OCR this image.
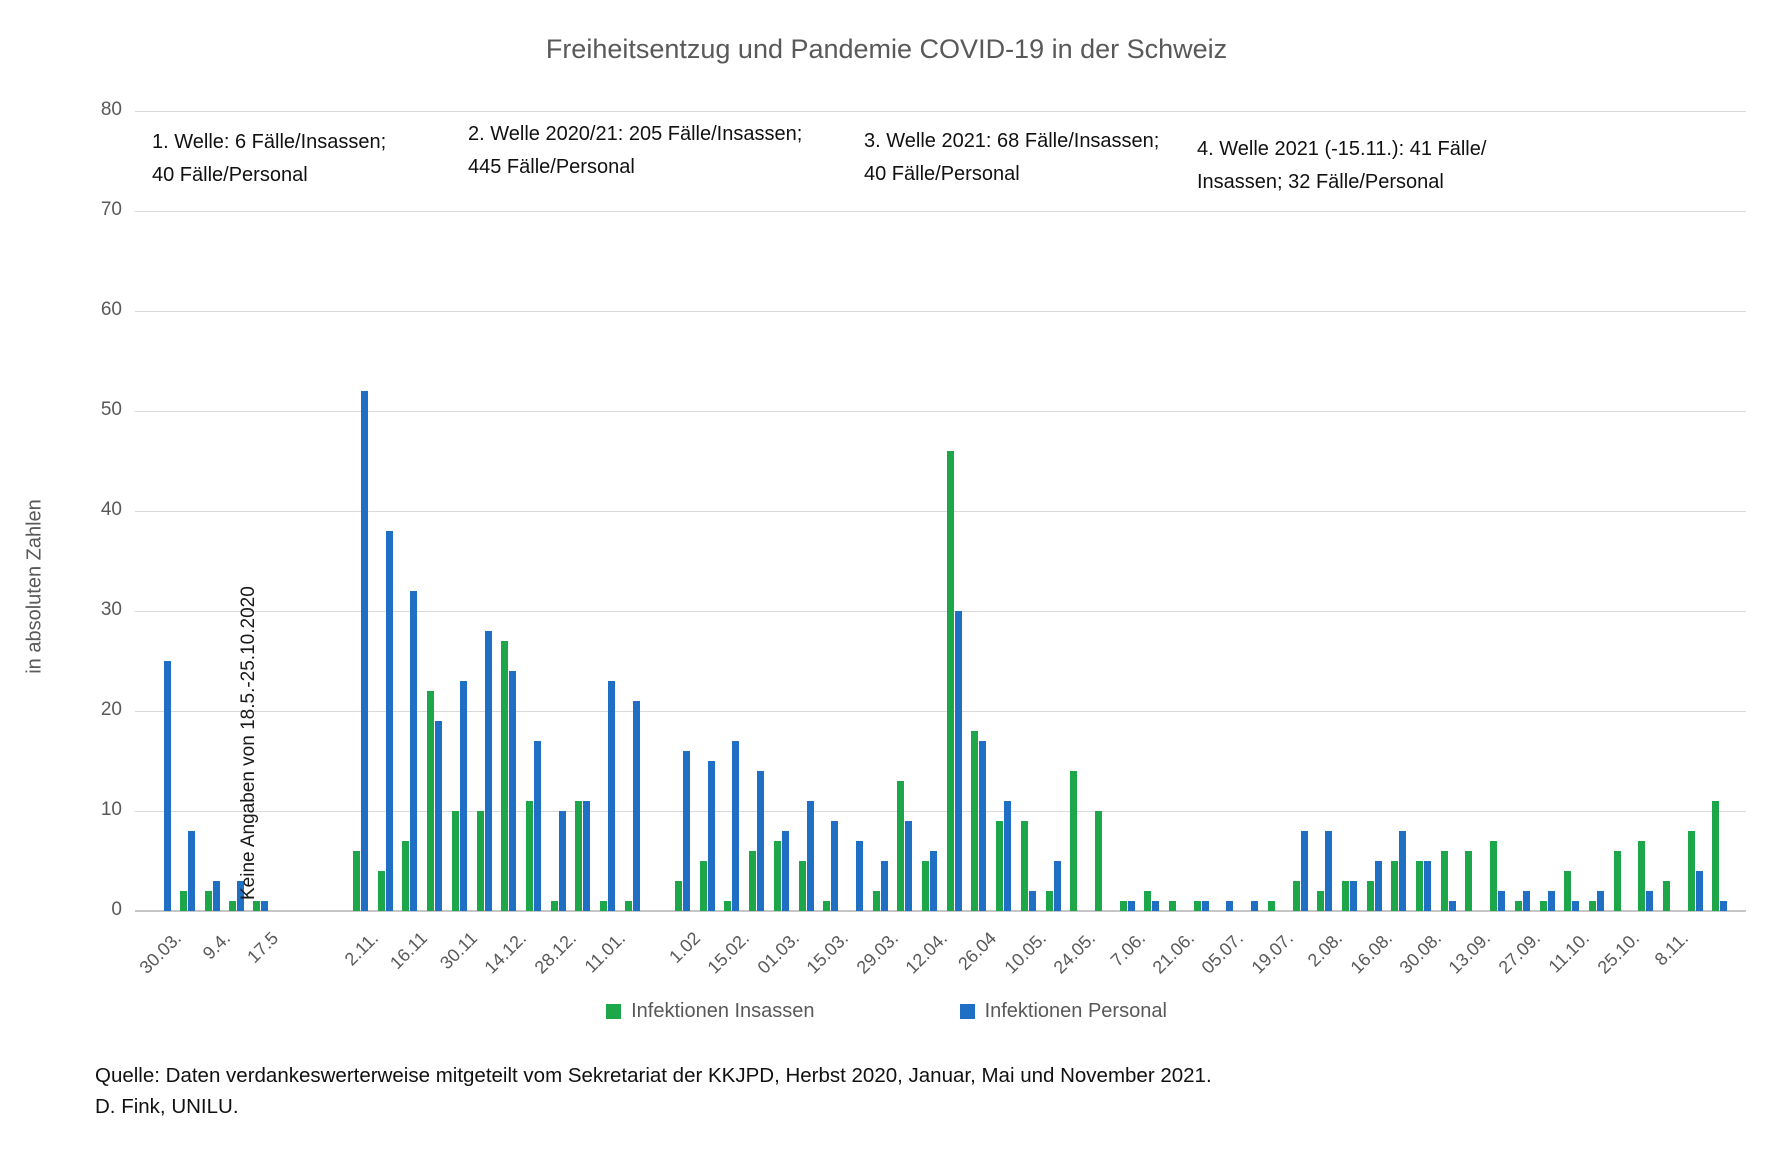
Freiheitsentzug und Pandemie COVID-19 in der Schweiz
in absoluten Zahlen
1. Welle: 6 Fälle/Insassen;
40 Fälle/Personal
2. Welle 2020/21: 205 Fälle/Insassen;
445 Fälle/Personal
3. Welle 2021: 68 Fälle/Insassen;
40 Fälle/Personal
4. Welle 2021 (-15.11.): 41 Fälle/
Insassen; 32 Fälle/Personal
0
10
20
30
40
50
60
70
80
30.03. 9.4. 17.5	2.11. 16.11 30.11 14.12. 28.12. 11.01. 1.02 15.02. 01.03. 15.03. 29.03. 12.04. 26.04 10.05. 24.05. 7.06. 21.06. 05.07. 19.07. 2.08. 16.08. 30.08. 13.09. 27.09. 11.10. 25.10. 8.11.
Keine Angaben von 18.5.-25.10.2020
Infektionen Insassen	Infektionen Personal
Quelle: Daten verdankeswerterweise mitgeteilt vom Sekretariat der KKJPD, Herbst 2020, Januar, Mai und November 2021.
D. Fink, UNILU.
